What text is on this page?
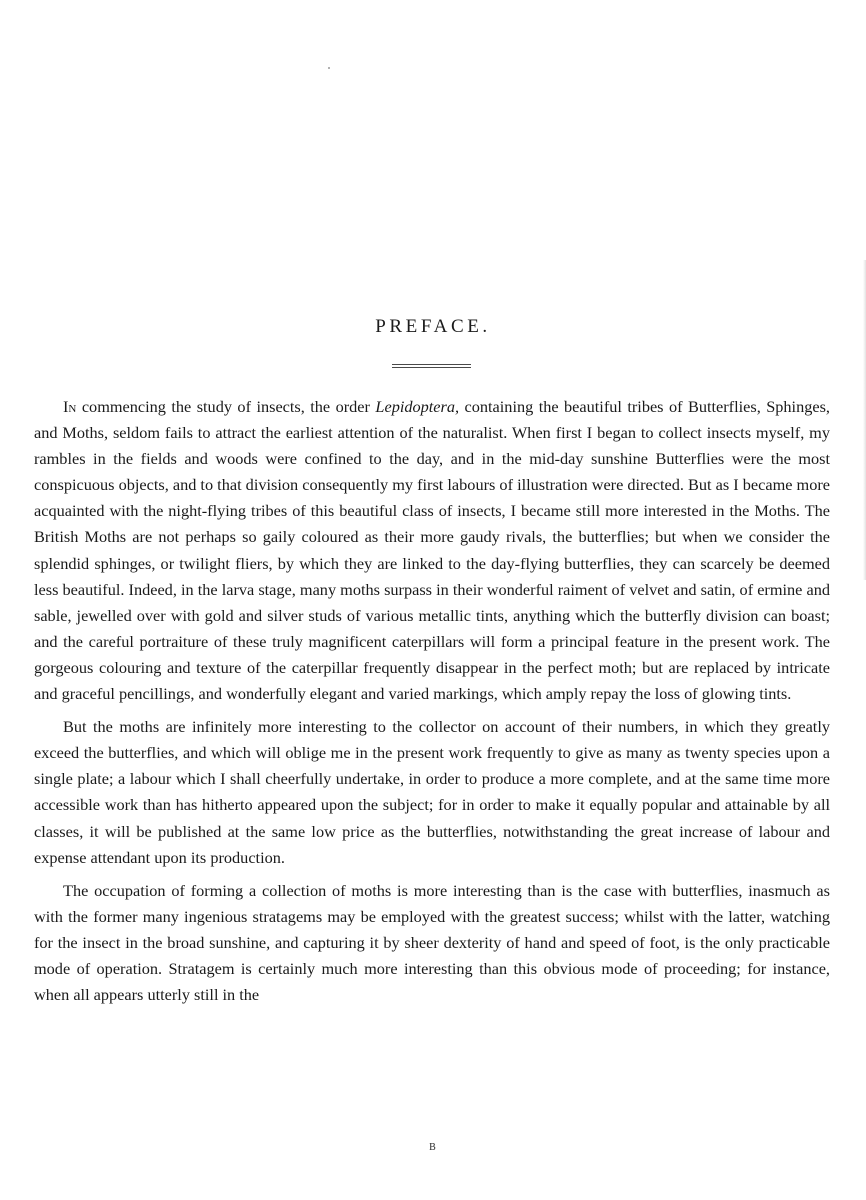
PREFACE.

In commencing the study of insects, the order Lepidoptera, containing the beautiful tribes of Butterflies, Sphinges, and Moths, seldom fails to attract the earliest attention of the naturalist. When first I began to collect insects myself, my rambles in the fields and woods were confined to the day, and in the mid-day sunshine Butterflies were the most conspicuous objects, and to that division consequently my first labours of illustration were directed. But as I became more acquainted with the night-flying tribes of this beautiful class of insects, I became still more interested in the Moths. The British Moths are not perhaps so gaily coloured as their more gaudy rivals, the butterflies; but when we consider the splendid sphinges, or twilight fliers, by which they are linked to the day-flying butterflies, they can scarcely be deemed less beautiful. Indeed, in the larva stage, many moths surpass in their wonderful raiment of velvet and satin, of ermine and sable, jewelled over with gold and silver studs of various metallic tints, anything which the butterfly division can boast; and the careful portraiture of these truly magnificent caterpillars will form a principal feature in the present work. The gorgeous colouring and texture of the caterpillar frequently disappear in the perfect moth; but are replaced by intricate and graceful pencillings, and wonderfully elegant and varied markings, which amply repay the loss of glowing tints.

But the moths are infinitely more interesting to the collector on account of their numbers, in which they greatly exceed the butterflies, and which will oblige me in the present work frequently to give as many as twenty species upon a single plate; a labour which I shall cheerfully undertake, in order to produce a more complete, and at the same time more accessible work than has hitherto appeared upon the subject; for in order to make it equally popular and attainable by all classes, it will be published at the same low price as the butterflies, notwithstanding the great increase of labour and expense attendant upon its production.

The occupation of forming a collection of moths is more interesting than is the case with butterflies, inasmuch as with the former many ingenious stratagems may be employed with the greatest success; whilst with the latter, watching for the insect in the broad sunshine, and capturing it by sheer dexterity of hand and speed of foot, is the only practicable mode of operation. Stratagem is certainly much more interesting than this obvious mode of proceeding; for instance, when all appears utterly still in the

B
